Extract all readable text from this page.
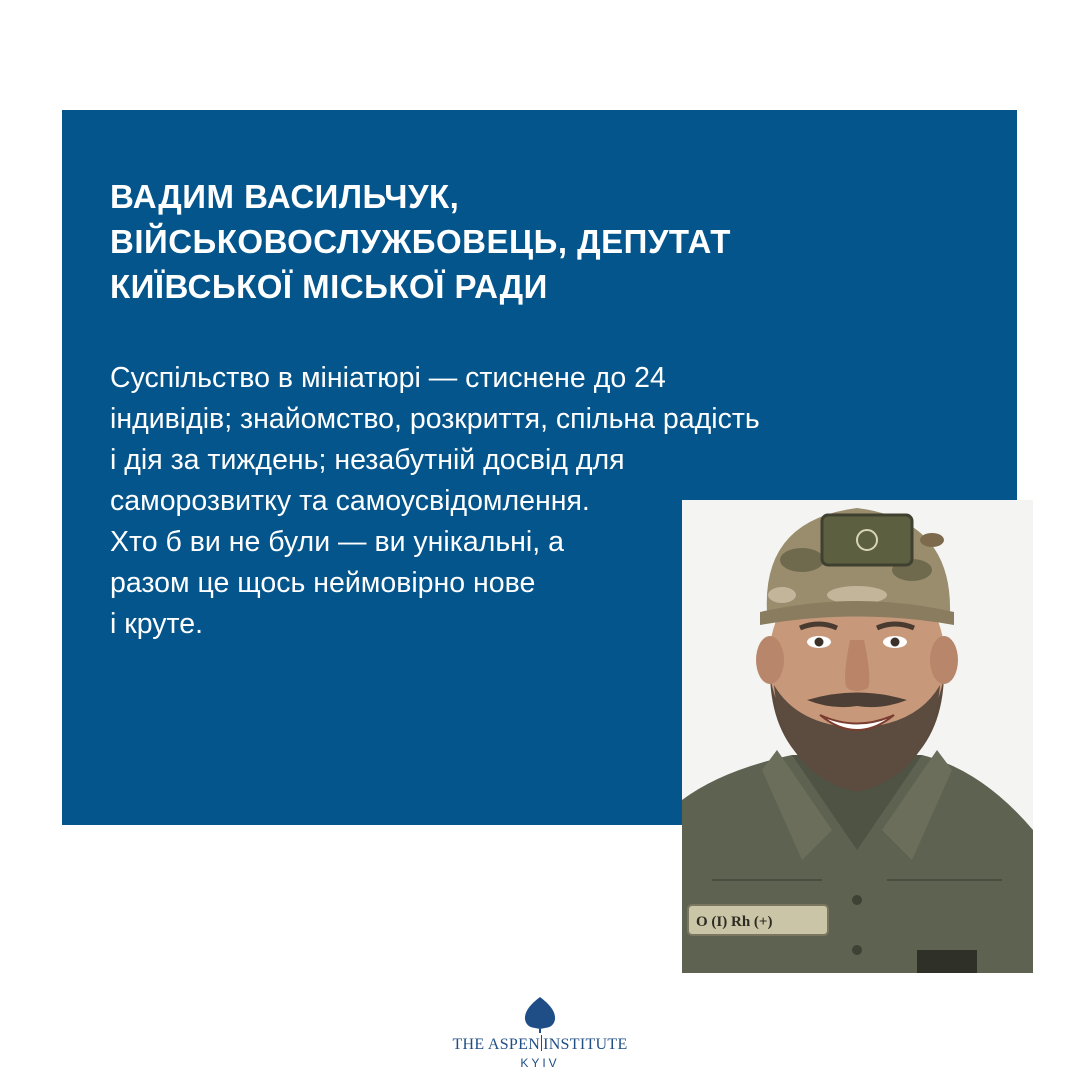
ВАДИМ ВАСИЛЬЧУК,
ВІЙСЬКОВОСЛУЖБОВЕЦЬ, ДЕПУТАТ
КИЇВСЬКОЇ МІСЬКОЇ РАДИ

Суспільство в мініатюрі — стиснене до 24
індивідів; знайомство, розкриття, спільна радість
і дія за тиждень; незабутній досвід для
саморозвитку та самоусвідомлення.
Хто б ви не були — ви унікальні, а
разом це щось неймовірно нове
і круте.

O (I) Rh (+)
THE ASPEN INSTITUTE
KYIV
